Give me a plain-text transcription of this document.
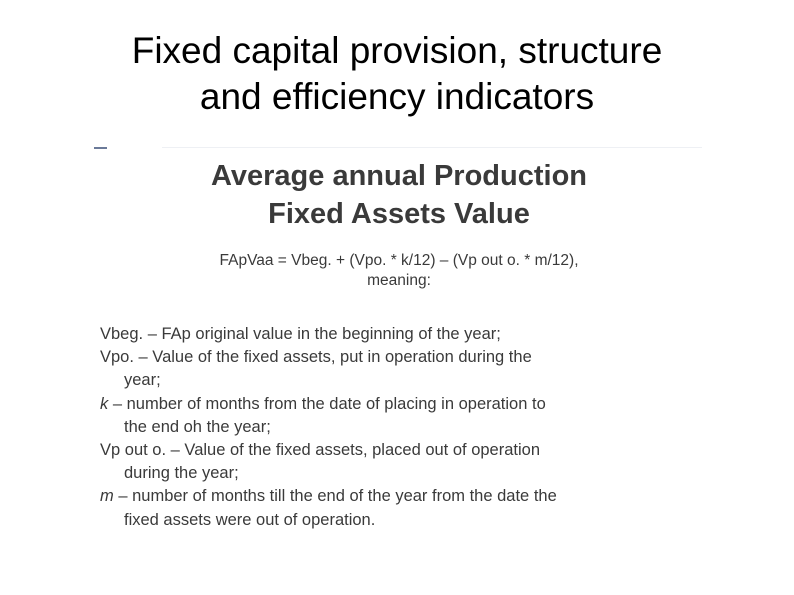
Fixed capital provision, structure
and efficiency indicators
Average annual Production
Fixed Assets Value
FApVaa = Vbeg. + (Vpo. * k/12) – (Vp out o. * m/12),
meaning:
Vbeg. – FAp original value in the beginning of the year;
Vpo. – Value of the fixed assets, put in operation during the
year;
k – number of months from the date of placing in operation to
the end oh the year;
Vp out o. – Value of the fixed assets, placed out of operation
during the year;
m – number of months till the end of the year from the date the
fixed assets were out of operation.
